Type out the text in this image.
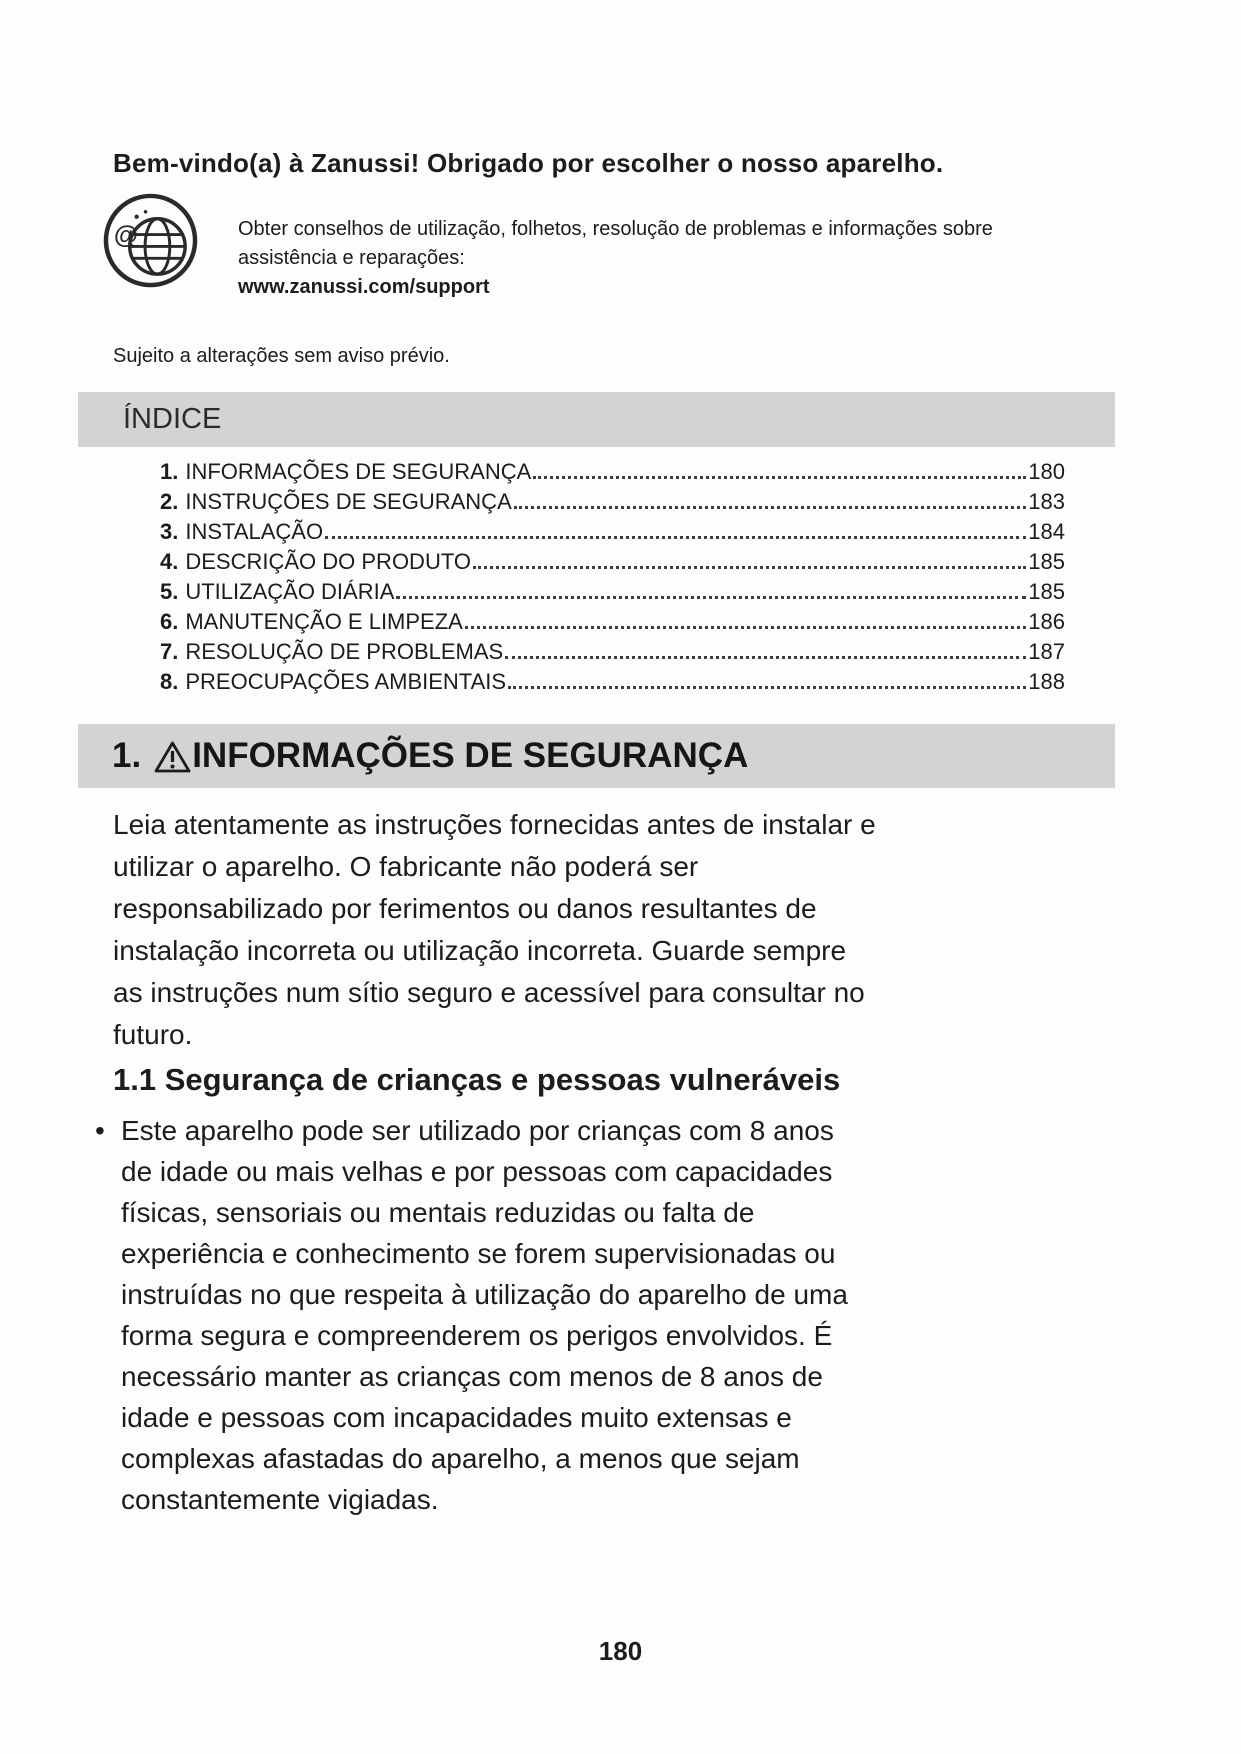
Bem-vindo(a) à Zanussi! Obrigado por escolher o nosso aparelho.
@	Obter conselhos de utilização, folhetos, resolução de problemas e informações sobre
assistência e reparações:
www.zanussi.com/support
Sujeito a alterações sem aviso prévio.
ÍNDICE
1. INFORMAÇÕES DE SEGURANÇA	180
2. INSTRUÇÕES DE SEGURANÇA	183
3. INSTALAÇÃO	184
4. DESCRIÇÃO DO PRODUTO	185
5. UTILIZAÇÃO DIÁRIA	185
6. MANUTENÇÃO E LIMPEZA	186
7. RESOLUÇÃO DE PROBLEMAS	187
8. PREOCUPAÇÕES AMBIENTAIS	188
1. INFORMAÇÕES DE SEGURANÇA
Leia atentamente as instruções fornecidas antes de instalar e
utilizar o aparelho. O fabricante não poderá ser
responsabilizado por ferimentos ou danos resultantes de
instalação incorreta ou utilização incorreta. Guarde sempre
as instruções num sítio seguro e acessível para consultar no
futuro.
1.1 Segurança de crianças e pessoas vulneráveis
• Este aparelho pode ser utilizado por crianças com 8 anos
de idade ou mais velhas e por pessoas com capacidades
físicas, sensoriais ou mentais reduzidas ou falta de
experiência e conhecimento se forem supervisionadas ou
instruídas no que respeita à utilização do aparelho de uma
forma segura e compreenderem os perigos envolvidos. É
necessário manter as crianças com menos de 8 anos de
idade e pessoas com incapacidades muito extensas e
complexas afastadas do aparelho, a menos que sejam
constantemente vigiadas.
180
